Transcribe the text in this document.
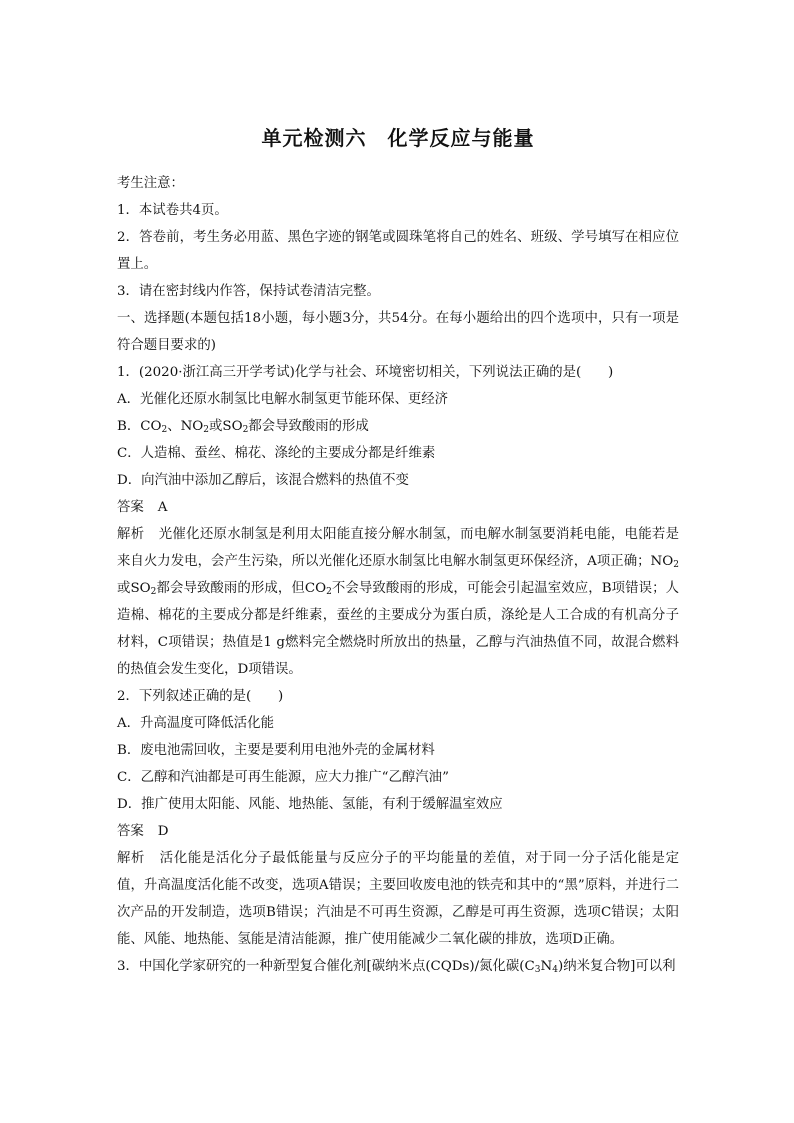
单元检测六　化学反应与能量

考生注意：

1．本试卷共4页。

2．答卷前，考生务必用蓝、黑色字迹的钢笔或圆珠笔将自己的姓名、班级、学号填写在相应位置上。

3．请在密封线内作答，保持试卷清洁完整。

一、选择题(本题包括18小题，每小题3分，共54分。在每小题给出的四个选项中，只有一项是符合题目要求的)

1．(2020·浙江高三开学考试)化学与社会、环境密切相关，下列说法正确的是(　　)

A．光催化还原水制氢比电解水制氢更节能环保、更经济

B．$CO_2$、$NO_2$或$SO_2$都会导致酸雨的形成

C．人造棉、蚕丝、棉花、涤纶的主要成分都是纤维素

D．向汽油中添加乙醇后，该混合燃料的热值不变

答案 A

解析 光催化还原水制氢是利用太阳能直接分解水制氢，而电解水制氢要消耗电能，电能若是来自火力发电，会产生污染，所以光催化还原水制氢比电解水制氢更环保经济，A项正确；$NO_2$或$SO_2$都会导致酸雨的形成，但$CO_2$不会导致酸雨的形成，可能会引起温室效应，B项错误；人造棉、棉花的主要成分都是纤维素，蚕丝的主要成分为蛋白质，涤纶是人工合成的有机高分子材料，C项错误；热值是1 g燃料完全燃烧时所放出的热量，乙醇与汽油热值不同，故混合燃料的热值会发生变化，D项错误。

2．下列叙述正确的是(　　)

A．升高温度可降低活化能

B．废电池需回收，主要是要利用电池外壳的金属材料

C．乙醇和汽油都是可再生能源，应大力推广“乙醇汽油”

D．推广使用太阳能、风能、地热能、氢能，有利于缓解温室效应

答案 D

解析 活化能是活化分子最低能量与反应分子的平均能量的差值，对于同一分子活化能是定值，升高温度活化能不改变，选项A错误；主要回收废电池的铁壳和其中的“黑”原料，并进行二次产品的开发制造，选项B错误；汽油是不可再生资源，乙醇是可再生资源，选项C错误；太阳能、风能、地热能、氢能是清洁能源，推广使用能减少二氧化碳的排放，选项D正确。

3．中国化学家研究的一种新型复合催化剂[碳纳米点(CQDs)/氮化碳$(C_3N_4)$纳米复合物]可以利
